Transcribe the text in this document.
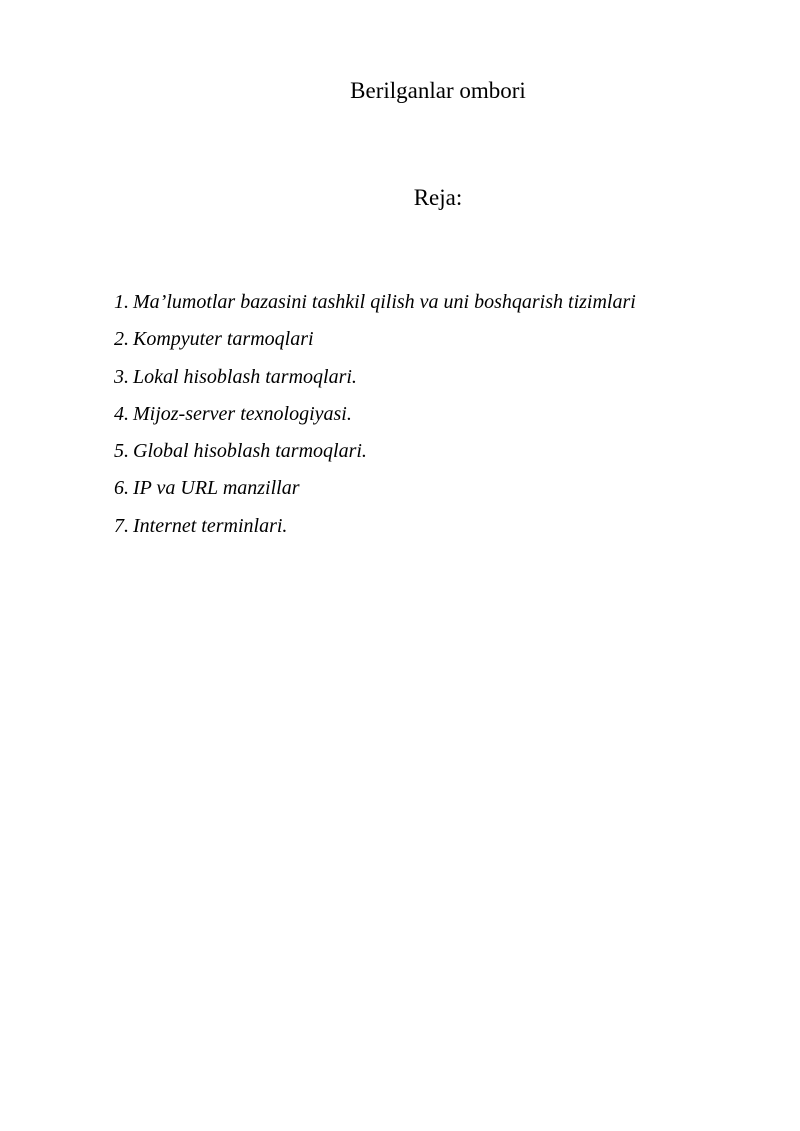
Berilganlar ombori
Reja:
1. Ma’lumotlar bazasini tashkil qilish va uni boshqarish tizimlari
2. Kompyuter tarmoqlari
3. Lokal hisoblash tarmoqlari.
4. Mijoz-server texnologiyasi.
5. Global hisoblash tarmoqlari.
6. IP va URL manzillar
7. Internet terminlari.
